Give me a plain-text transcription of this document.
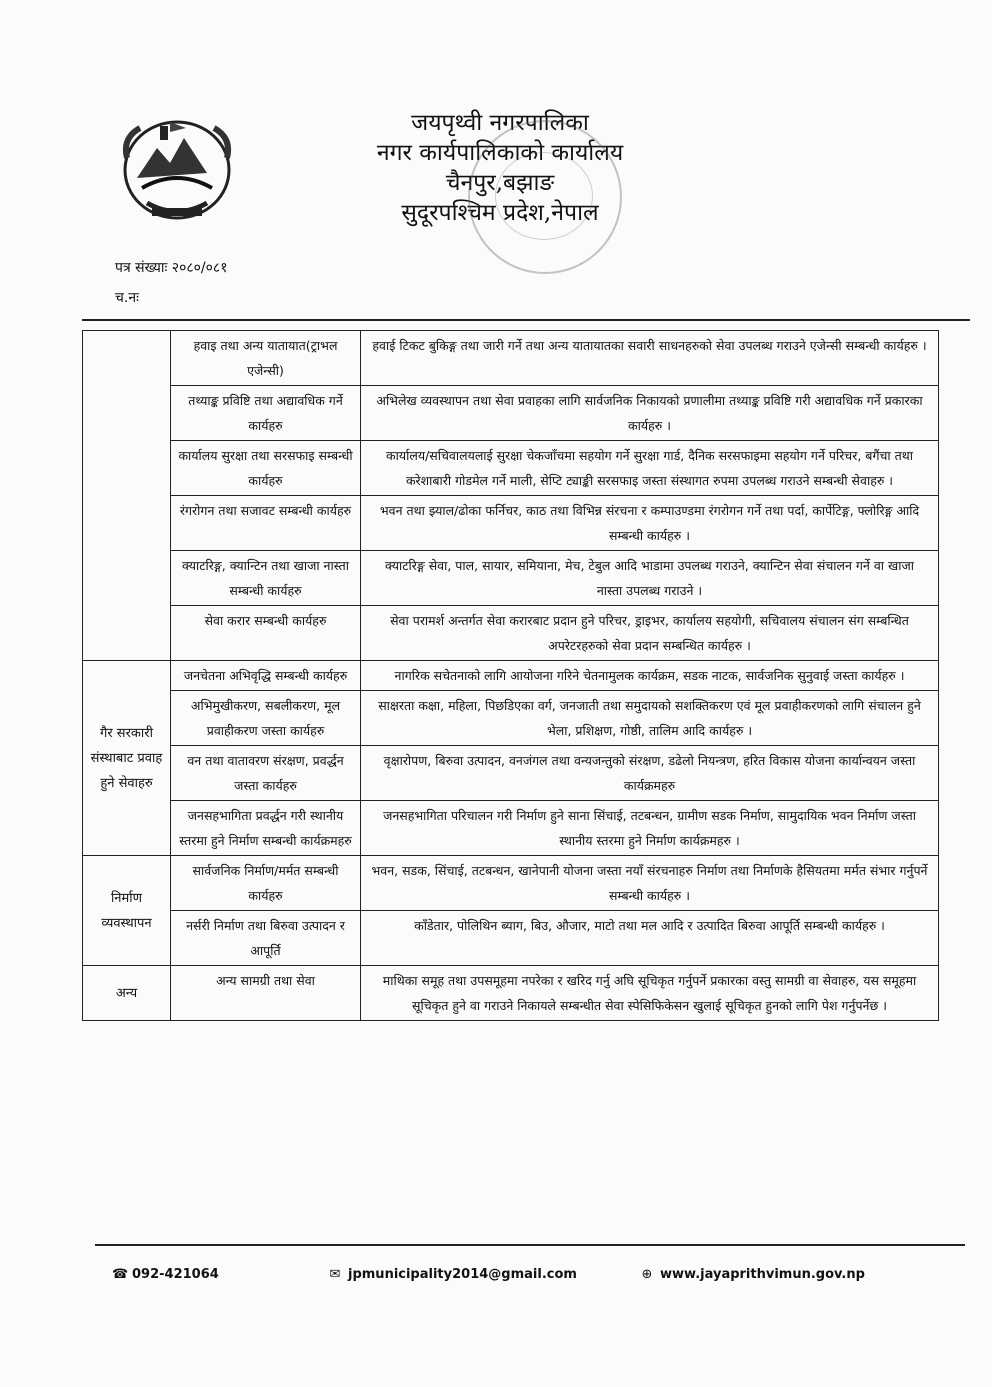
जयपृथ्वी नगरपालिका
नगर कार्यपालिकाको कार्यालय
चैनपुर,बझाङ
सुदूरपश्चिम प्रदेश,नेपाल
पत्र संख्याः २०८०/०८१
च.नः
	हवाइ तथा अन्य यातायात(ट्राभल एजेन्सी)	हवाई टिकट बुकिङ्ग तथा जारी गर्ने तथा अन्य यातायातका सवारी साधनहरुको सेवा उपलब्ध गराउने एजेन्सी सम्बन्धी कार्यहरु ।	
	तथ्याङ्क प्रविष्टि तथा अद्यावधिक गर्ने कार्यहरु	अभिलेख व्यवस्थापन तथा सेवा प्रवाहका लागि सार्वजनिक निकायको प्रणालीमा तथ्याङ्क प्रविष्टि गरी अद्यावधिक गर्ने प्रकारका कार्यहरु ।	
	कार्यालय सुरक्षा तथा सरसफाइ सम्बन्धी कार्यहरु	कार्यालय/सचिवालयलाई सुरक्षा चेकजाँचमा सहयोग गर्ने सुरक्षा गार्ड, दैनिक सरसफाइमा सहयोग गर्ने परिचर, बगैंचा तथा करेशाबारी गोडमेल गर्ने माली, सेप्टि ट्याङ्की सरसफाइ जस्ता संस्थागत रुपमा उपलब्ध गराउने सम्बन्धी सेवाहरु ।	
	रंगरोगन तथा सजावट सम्बन्धी कार्यहरु	भवन तथा झ्याल/ढोका फर्निचर, काठ तथा विभिन्न संरचना र कम्पाउण्डमा रंगरोगन गर्ने तथा पर्दा, कार्पेटिङ्ग, फ्लोरिङ्ग आदि सम्बन्धी कार्यहरु ।	
	क्याटरिङ्ग, क्यान्टिन तथा खाजा नास्ता सम्बन्धी कार्यहरु	क्याटरिङ्ग सेवा, पाल, सायार, समियाना, मेच, टेबुल आदि भाडामा उपलब्ध गराउने, क्यान्टिन सेवा संचालन गर्ने वा खाजा नास्ता उपलब्ध गराउने ।	
	सेवा करार सम्बन्धी कार्यहरु	सेवा परामर्श अन्तर्गत सेवा करारबाट प्रदान हुने परिचर, ड्राइभर, कार्यालय सहयोगी, सचिवालय संचालन संग सम्बन्धित अपरेटरहरुको सेवा प्रदान सम्बन्धित कार्यहरु ।	
गैर सरकारी संस्थाबाट प्रवाह हुने सेवाहरु	जनचेतना अभिवृद्धि सम्बन्धी कार्यहरु	नागरिक सचेतनाको लागि आयोजना गरिने चेतनामुलक कार्यक्रम, सडक नाटक, सार्वजनिक सुनुवाई जस्ता कार्यहरु ।	
	अभिमुखीकरण, सबलीकरण, मूल प्रवाहीकरण जस्ता कार्यहरु	साक्षरता कक्षा, महिला, पिछडिएका वर्ग, जनजाती तथा समुदायको सशक्तिकरण एवं मूल प्रवाहीकरणको लागि संचालन हुने भेला, प्रशिक्षण, गोष्ठी, तालिम आदि कार्यहरु ।	
	वन तथा वातावरण संरक्षण, प्रवर्द्धन जस्ता कार्यहरु	वृक्षारोपण, बिरुवा उत्पादन, वनजंगल तथा वन्यजन्तुको संरक्षण, डढेलो नियन्त्रण, हरित विकास योजना कार्यान्वयन जस्ता कार्यक्रमहरु	
	जनसहभागिता प्रवर्द्धन गरी स्थानीय स्तरमा हुने निर्माण सम्बन्धी कार्यक्रमहरु	जनसहभागिता परिचालन गरी निर्माण हुने साना सिंचाई, तटबन्धन, ग्रामीण सडक निर्माण, सामुदायिक भवन निर्माण जस्ता स्थानीय स्तरमा हुने निर्माण कार्यक्रमहरु ।	
निर्माण व्यवस्थापन	सार्वजनिक निर्माण/मर्मत सम्बन्धी कार्यहरु	भवन, सडक, सिंचाई, तटबन्धन, खानेपानी योजना जस्ता नयाँ संरचनाहरु निर्माण तथा निर्माणके हैसियतमा मर्मत संभार गर्नुपर्ने सम्बन्धी कार्यहरु ।	
	नर्सरी निर्माण तथा बिरुवा उत्पादन र आपूर्ति	काँडेतार, पोलिथिन ब्याग, बिउ, औजार, माटो तथा मल आदि र उत्पादित बिरुवा आपूर्ति सम्बन्धी कार्यहरु ।	
अन्य	अन्य सामग्री तथा सेवा	माथिका समूह तथा उपसमूहमा नपरेका र खरिद गर्नु अघि सूचिकृत गर्नुपर्ने प्रकारका वस्तु सामग्री वा सेवाहरु, यस समूहमा सूचिकृत हुने वा गराउने निकायले सम्बन्धीत सेवा स्पेसिफिकेसन खुलाई सूचिकृत हुनको लागि पेश गर्नुपर्नेछ ।	
☎ 092-421064	✉ jpmunicipality2014@gmail.com	⊕ www.jayaprithvimun.gov.np
